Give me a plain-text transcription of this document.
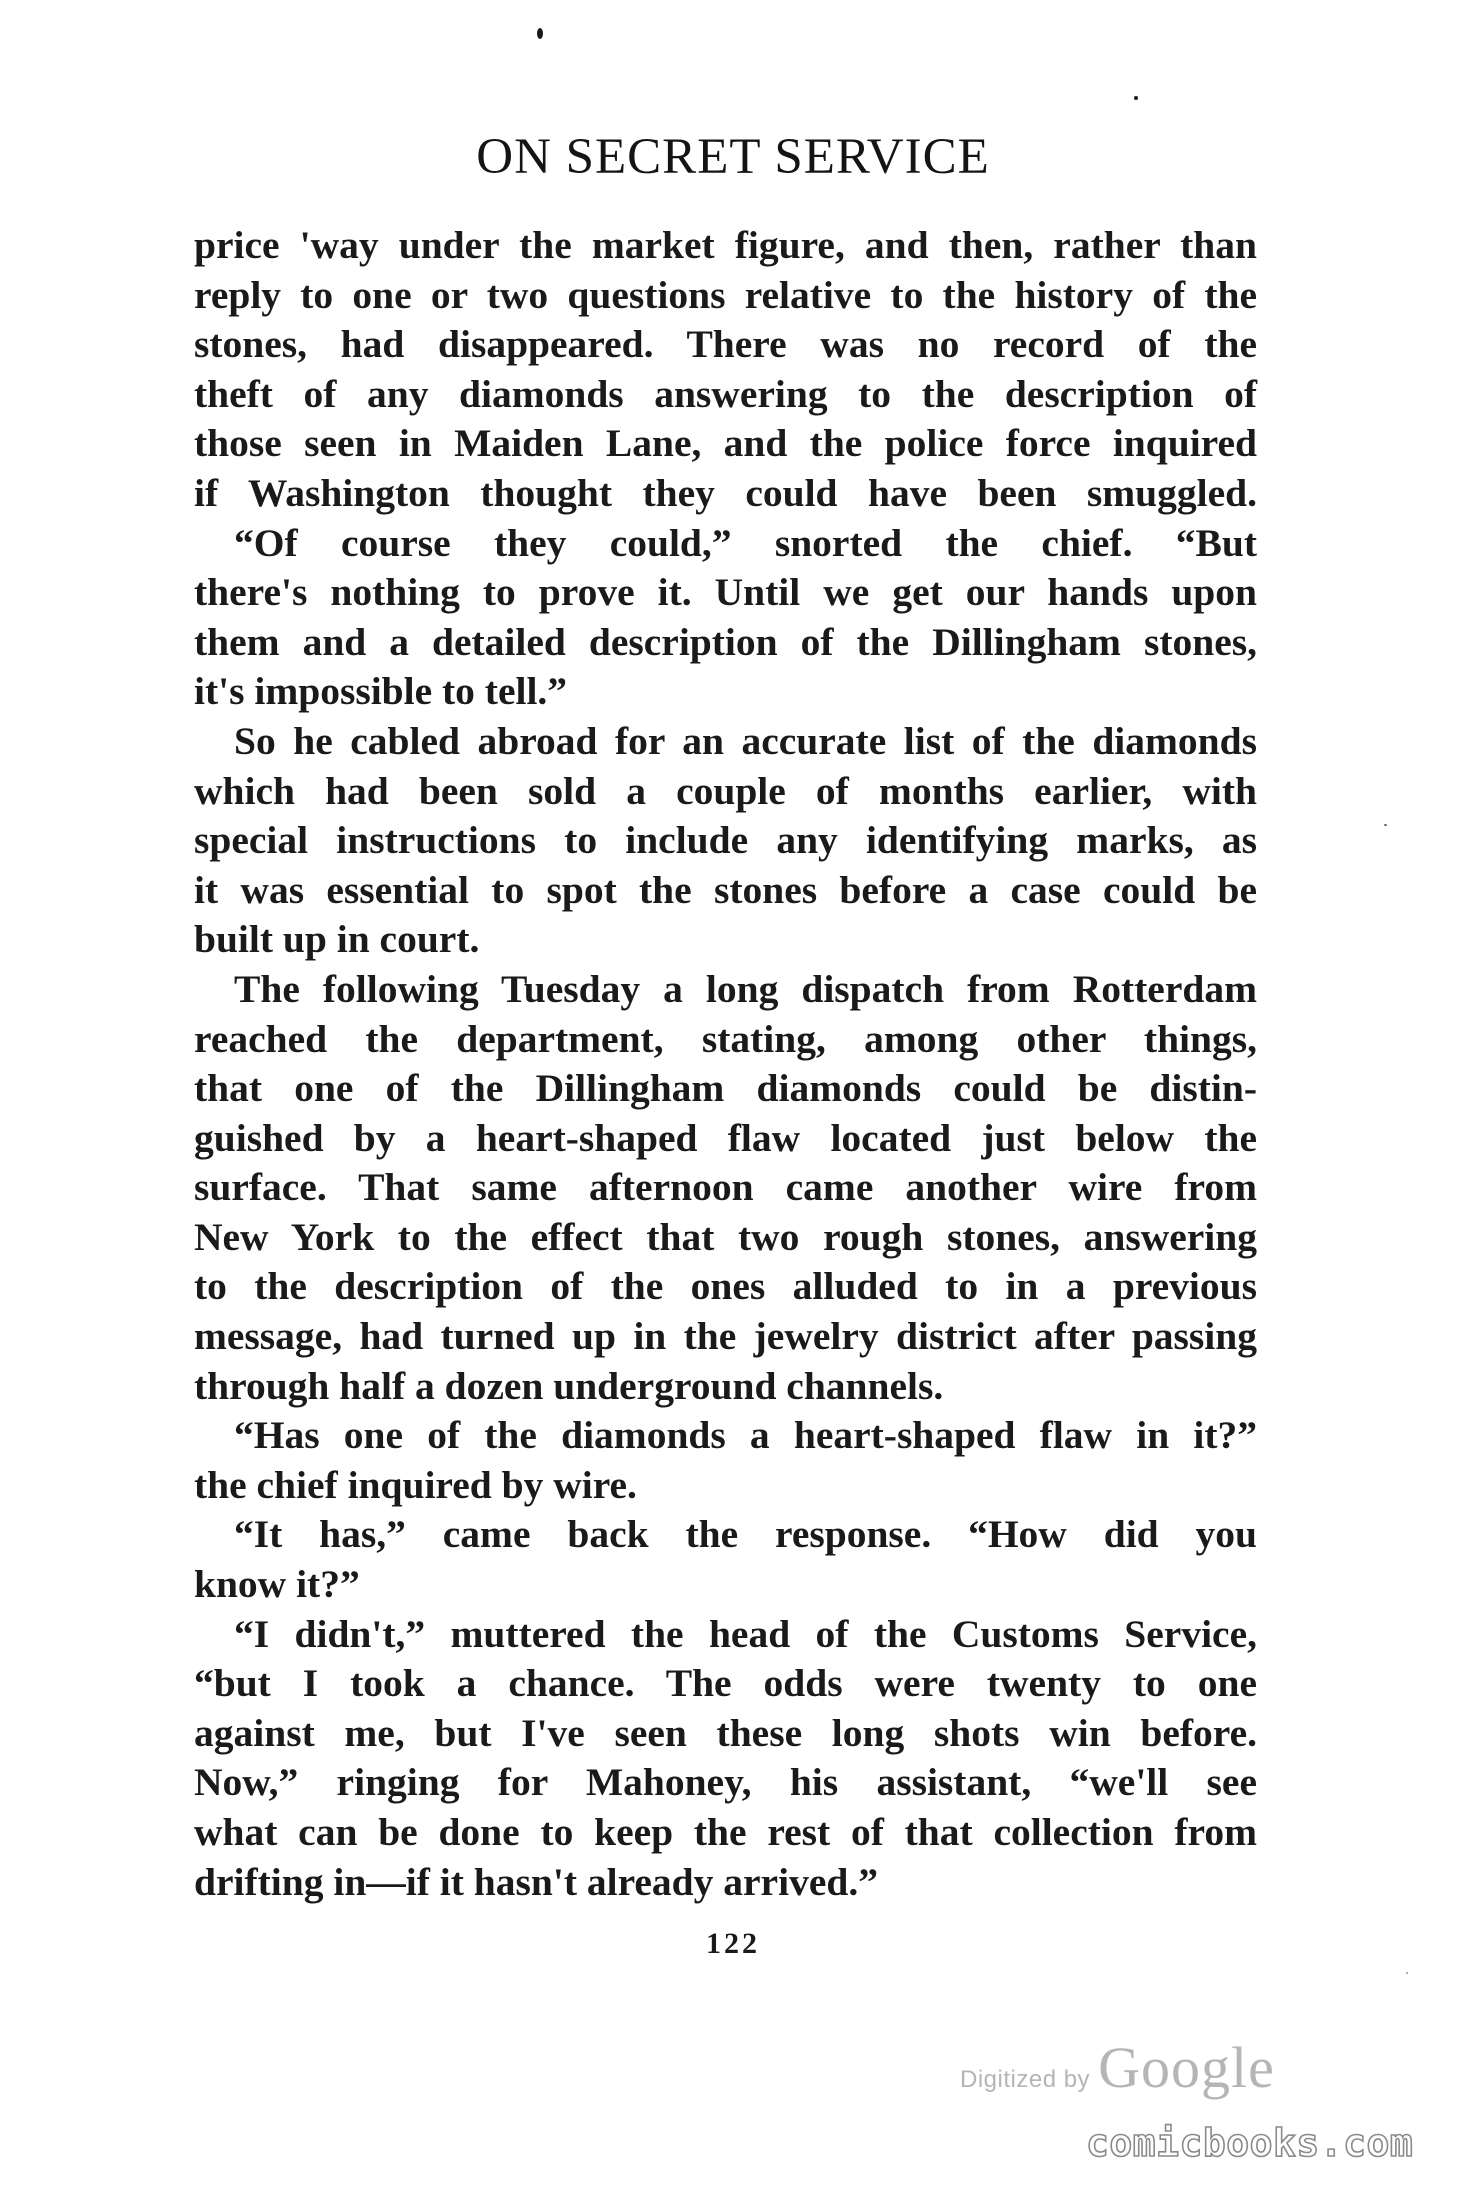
ON SECRET SERVICE
price 'way under the market figure, and then, rather than
reply to one or two questions relative to the history of the
stones, had disappeared. There was no record of the
theft of any diamonds answering to the description of
those seen in Maiden Lane, and the police force inquired
if Washington thought they could have been smuggled.
“Of course they could,” snorted the chief. “But
there's nothing to prove it. Until we get our hands upon
them and a detailed description of the Dillingham stones,
it's impossible to tell.”
So he cabled abroad for an accurate list of the diamonds
which had been sold a couple of months earlier, with
special instructions to include any identifying marks, as
it was essential to spot the stones before a case could be
built up in court.
The following Tuesday a long dispatch from Rotterdam
reached the department, stating, among other things,
that one of the Dillingham diamonds could be distin-
guished by a heart-shaped flaw located just below the
surface. That same afternoon came another wire from
New York to the effect that two rough stones, answering
to the description of the ones alluded to in a previous
message, had turned up in the jewelry district after passing
through half a dozen underground channels.
“Has one of the diamonds a heart-shaped flaw in it?”
the chief inquired by wire.
“It has,” came back the response. “How did you
know it?”
“I didn't,” muttered the head of the Customs Service,
“but I took a chance. The odds were twenty to one
against me, but I've seen these long shots win before.
Now,” ringing for Mahoney, his assistant, “we'll see
what can be done to keep the rest of that collection from
drifting in—if it hasn't already arrived.”
122
Digitized by Google
comicbooks.com
